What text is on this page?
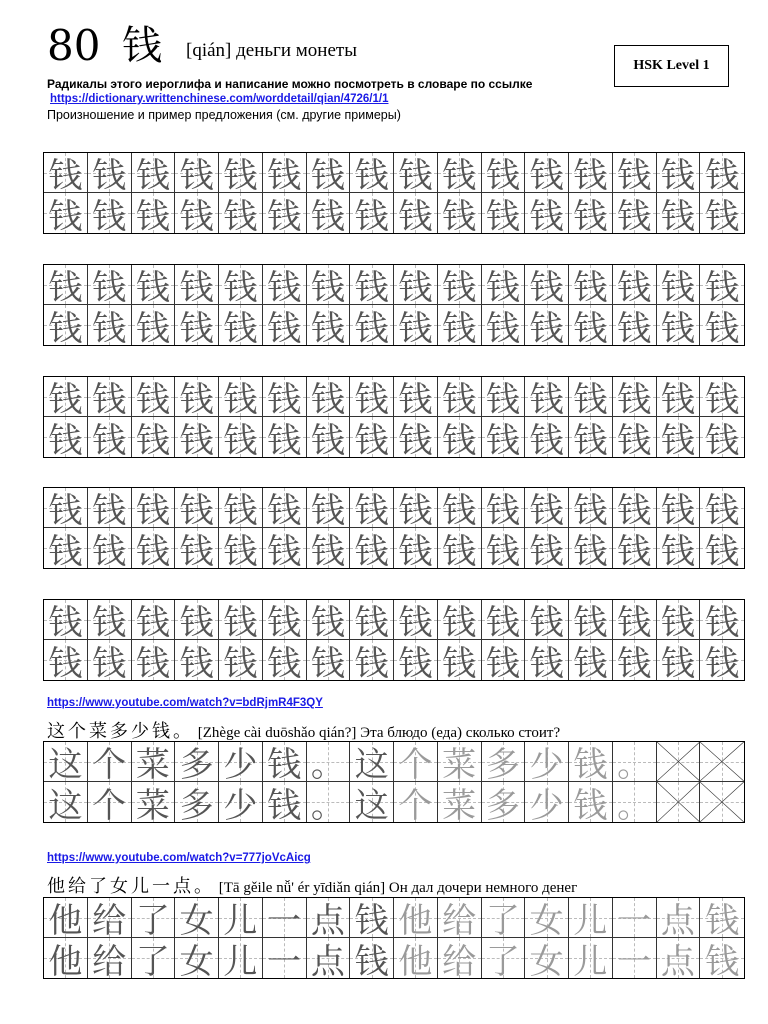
80 钱 [qián] деньги монеты
HSK Level 1
Радикалы этого иероглифа и написание можно посмотреть в словаре по ссылке
https://dictionary.writtenchinese.com/worddetail/qian/4726/1/1
Произношение и пример предложения (см. другие примеры)
钱 钱 钱 钱 钱 钱 钱 钱 钱 钱 钱 钱 钱 钱 钱 钱
钱 钱 钱 钱 钱 钱 钱 钱 钱 钱 钱 钱 钱 钱 钱 钱
钱 钱 钱 钱 钱 钱 钱 钱 钱 钱 钱 钱 钱 钱 钱 钱
钱 钱 钱 钱 钱 钱 钱 钱 钱 钱 钱 钱 钱 钱 钱 钱
钱 钱 钱 钱 钱 钱 钱 钱 钱 钱 钱 钱 钱 钱 钱 钱
钱 钱 钱 钱 钱 钱 钱 钱 钱 钱 钱 钱 钱 钱 钱 钱
钱 钱 钱 钱 钱 钱 钱 钱 钱 钱 钱 钱 钱 钱 钱 钱
钱 钱 钱 钱 钱 钱 钱 钱 钱 钱 钱 钱 钱 钱 钱 钱
钱 钱 钱 钱 钱 钱 钱 钱 钱 钱 钱 钱 钱 钱 钱 钱
钱 钱 钱 钱 钱 钱 钱 钱 钱 钱 钱 钱 钱 钱 钱 钱
https://www.youtube.com/watch?v=bdRjmR4F3QY
这个菜多少钱。 [Zhège cài duōshǎo qián?] Эта блюдо (еда) сколько стоит?
这 个 菜 多 少 钱 。 这 个 菜 多 少 钱 。
这 个 菜 多 少 钱 。 这 个 菜 多 少 钱 。
https://www.youtube.com/watch?v=777joVcAicg
他给了女儿一点。 [Tā gěile nǚ' ér yīdiǎn qián] Он дал дочери немного денег
他 给 了 女 儿 一 点 钱 他 给 了 女 儿 一 点 钱
他 给 了 女 儿 一 点 钱 他 给 了 女 儿 一 点 钱
